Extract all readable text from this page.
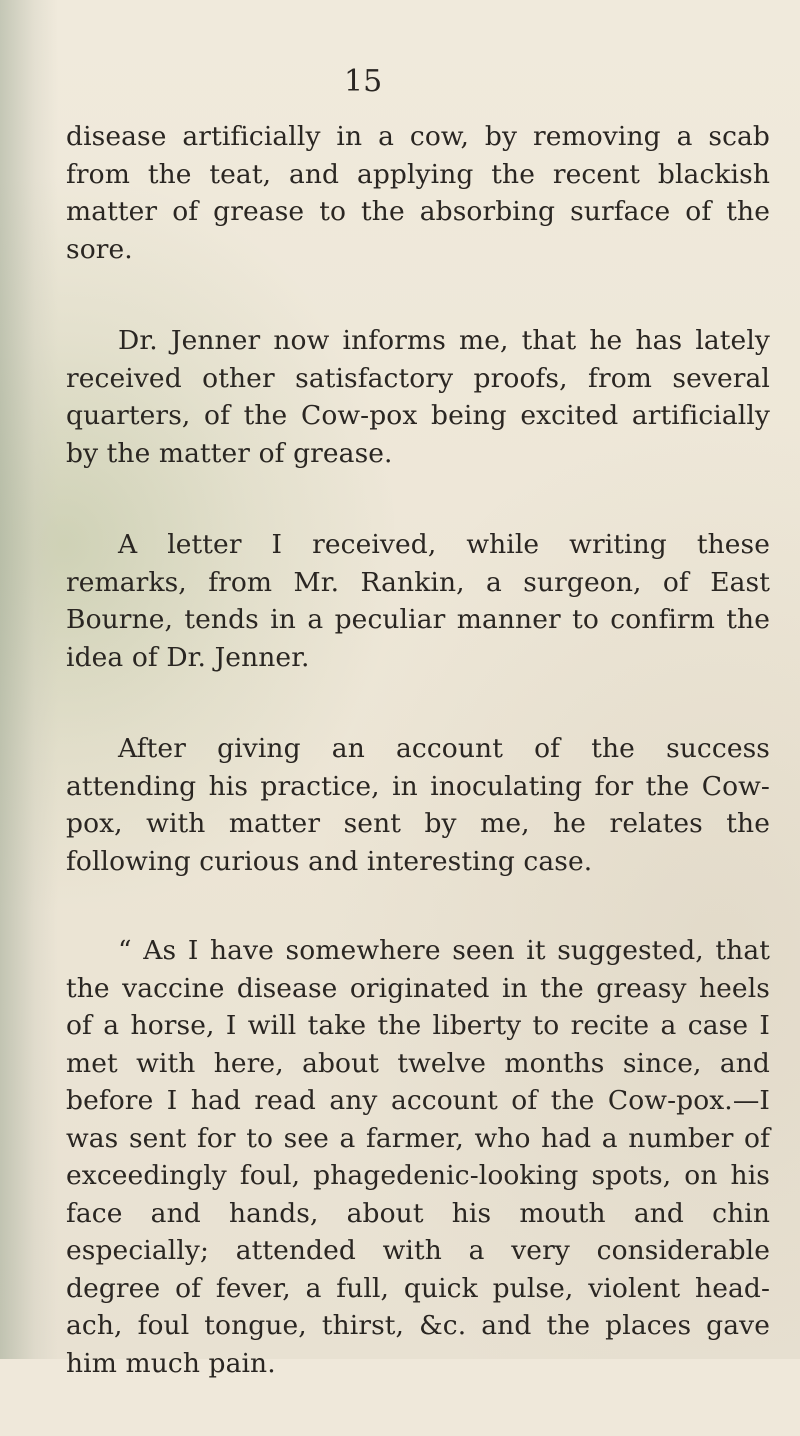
15

disease artificially in a cow, by removing a scab from the teat, and applying the recent blackish matter of grease to the absorbing surface of the sore.

Dr. Jenner now informs me, that he has lately received other satisfactory proofs, from several quarters, of the Cow-pox being excited artificially by the matter of grease.

A letter I received, while writing these remarks, from Mr. Rankin, a surgeon, of East Bourne, tends in a peculiar manner to confirm the idea of Dr. Jenner.

After giving an account of the success attending his practice, in inoculating for the Cow-pox, with matter sent by me, he relates the following curious and interesting case.

“ As I have somewhere seen it suggested, that the vaccine disease originated in the greasy heels of a horse, I will take the liberty to recite a case I met with here, about twelve months since, and before I had read any account of the Cow-pox.—I was sent for to see a farmer, who had a number of exceedingly foul, phagedenic-looking spots, on his face and hands, about his mouth and chin especially; attended with a very considerable degree of fever, a full, quick pulse, violent head-ach, foul tongue, thirst, &c. and the places gave him much pain.
